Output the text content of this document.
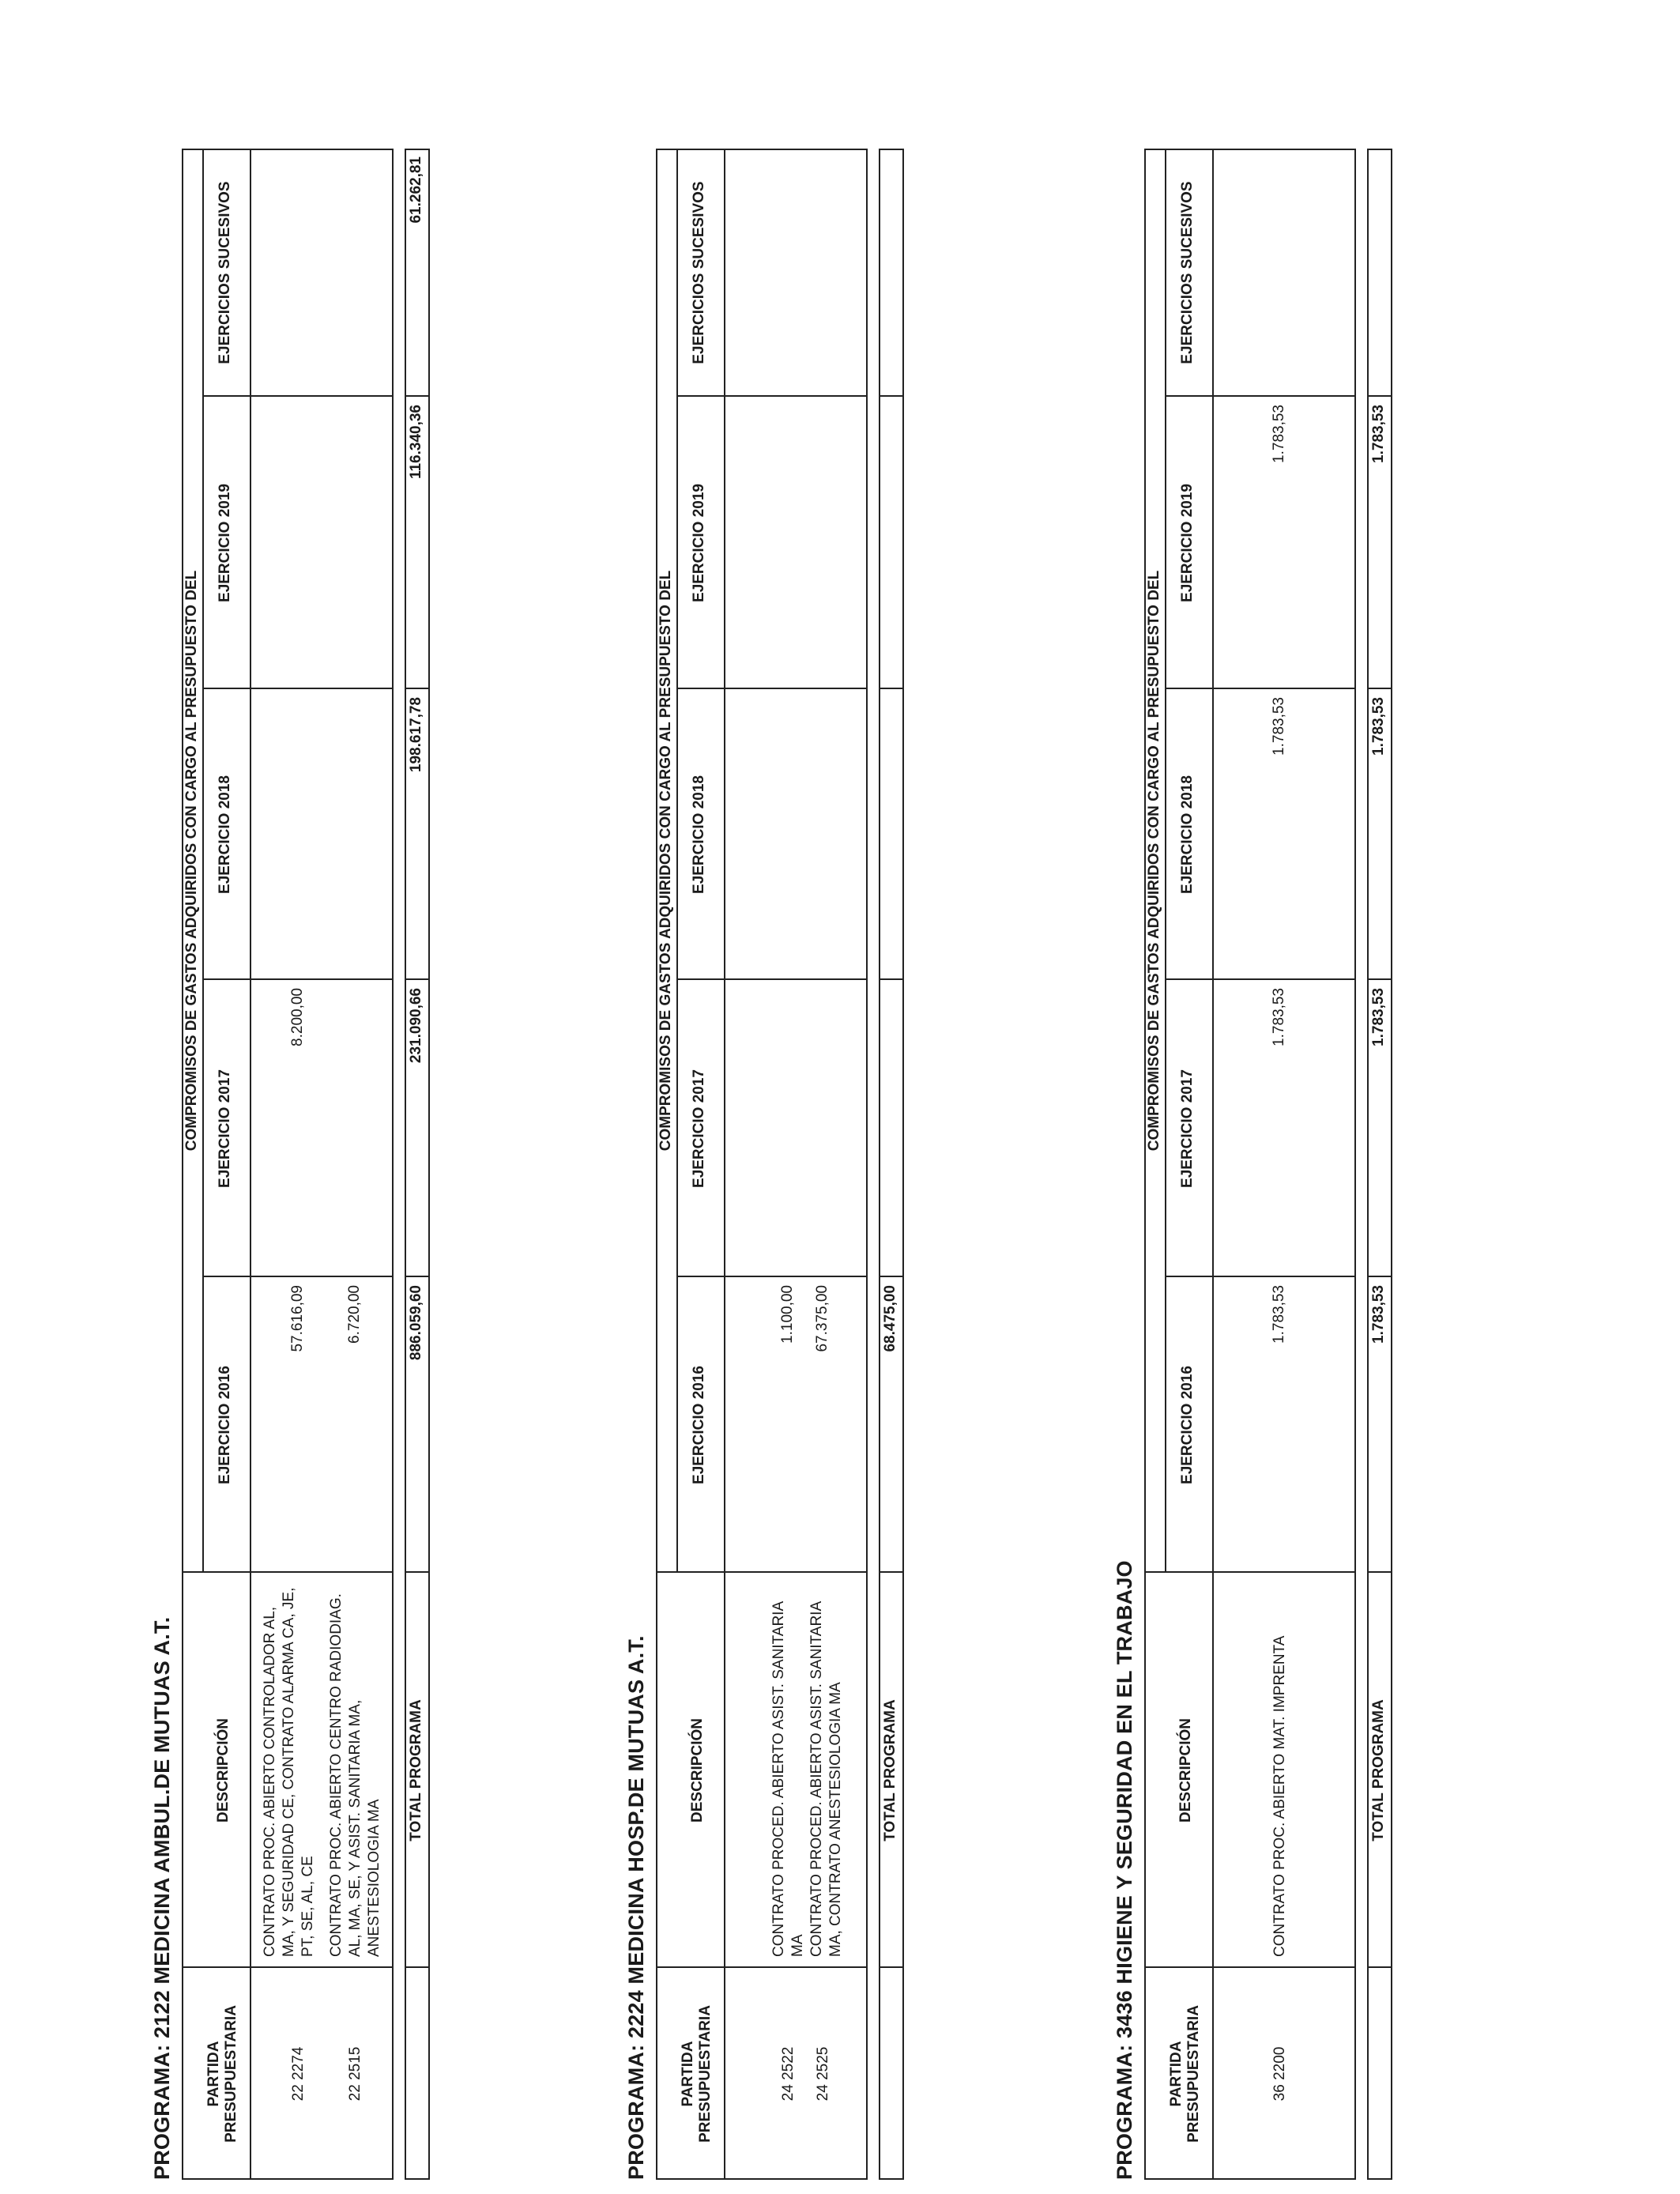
PROGRAMA: 2122 MEDICINA AMBUL.DE MUTUAS A.T. PARTIDA
PRESUPUESTARIA
DESCRIPCIÓN
COMPROMISOS DE GASTOS ADQUIRIDOS CON CARGO AL PRESUPUESTO DEL
EJERCICIO 2016
EJERCICIO 2017
EJERCICIO 2018
EJERCICIO 2019
EJERCICIOS SUCESIVOS
22 2274
CONTRATO PROC. ABIERTO CONTROLADOR AL, MA, Y SEGURIDAD CE, CONTRATO ALARMA CA, JE, PT, SE, AL, CE
57.616,09
8.200,00
22 2515
CONTRATO PROC. ABIERTO CENTRO RADIODIAG. AL, MA, SE, Y ASIST. SANITARIA MA, ANESTESIOLOGIA MA
6.720,00
TOTAL PROGRAMA
886.059,60
231.090,66
198.617,78
116.340,36
61.262,81
PROGRAMA: 2224 MEDICINA HOSP.DE MUTUAS A.T. PARTIDA
PRESUPUESTARIA
DESCRIPCIÓN
COMPROMISOS DE GASTOS ADQUIRIDOS CON CARGO AL PRESUPUESTO DEL
EJERCICIO 2016
EJERCICIO 2017
EJERCICIO 2018
EJERCICIO 2019
EJERCICIOS SUCESIVOS
24 2522
CONTRATO PROCED. ABIERTO ASIST. SANITARIA MA
1.100,00
24 2525
CONTRATO PROCED. ABIERTO ASIST. SANITARIA MA, CONTRATO ANESTESIOLOGIA MA
67.375,00
TOTAL PROGRAMA
68.475,00
PROGRAMA: 3436 HIGIENE Y SEGURIDAD EN EL TRABAJO PARTIDA
PRESUPUESTARIA
DESCRIPCIÓN
COMPROMISOS DE GASTOS ADQUIRIDOS CON CARGO AL PRESUPUESTO DEL
EJERCICIO 2016
EJERCICIO 2017
EJERCICIO 2018
EJERCICIO 2019
EJERCICIOS SUCESIVOS
36 2200
CONTRATO PROC. ABIERTO MAT. IMPRENTA
1.783,53
1.783,53
1.783,53
1.783,53
TOTAL PROGRAMA
1.783,53
1.783,53
1.783,53
1.783,53
